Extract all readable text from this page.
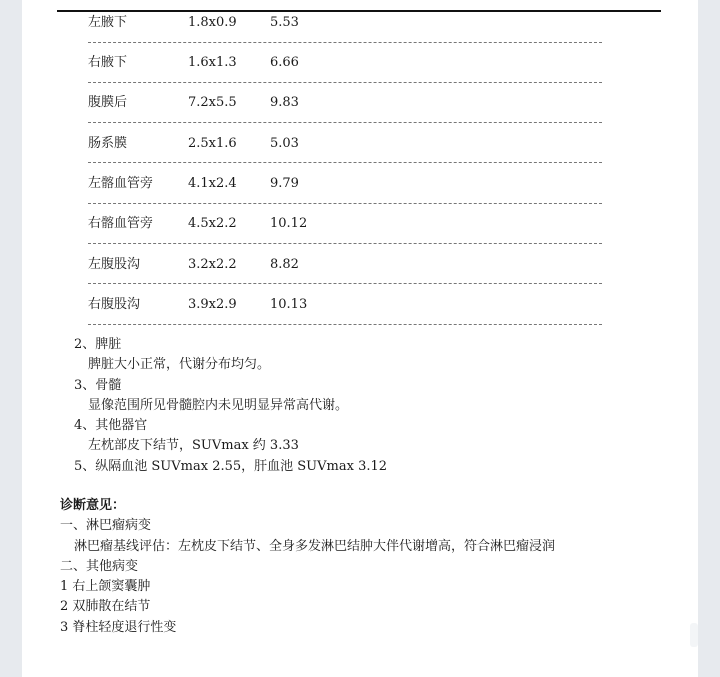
左腋下	1.8x0.9	5.53
右腋下	1.6x1.3	6.66
腹膜后	7.2x5.5	9.83
肠系膜	2.5x1.6	5.03
左髂血管旁	4.1x2.4	9.79
右髂血管旁	4.5x2.2	10.12
左腹股沟	3.2x2.2	8.82
右腹股沟	3.9x2.9	10.13
2、脾脏
脾脏大小正常，代谢分布均匀。
3、骨髓
显像范围所见骨髓腔内未见明显异常高代谢。
4、其他器官
左枕部皮下结节，SUVmax 约 3.33
5、纵隔血池 SUVmax 2.55，肝血池 SUVmax 3.12
诊断意见：
一、淋巴瘤病变
淋巴瘤基线评估：左枕皮下结节、全身多发淋巴结肿大伴代谢增高，符合淋巴瘤浸润
二、其他病变
1 右上颌窦囊肿
2 双肺散在结节
3 脊柱轻度退行性变
